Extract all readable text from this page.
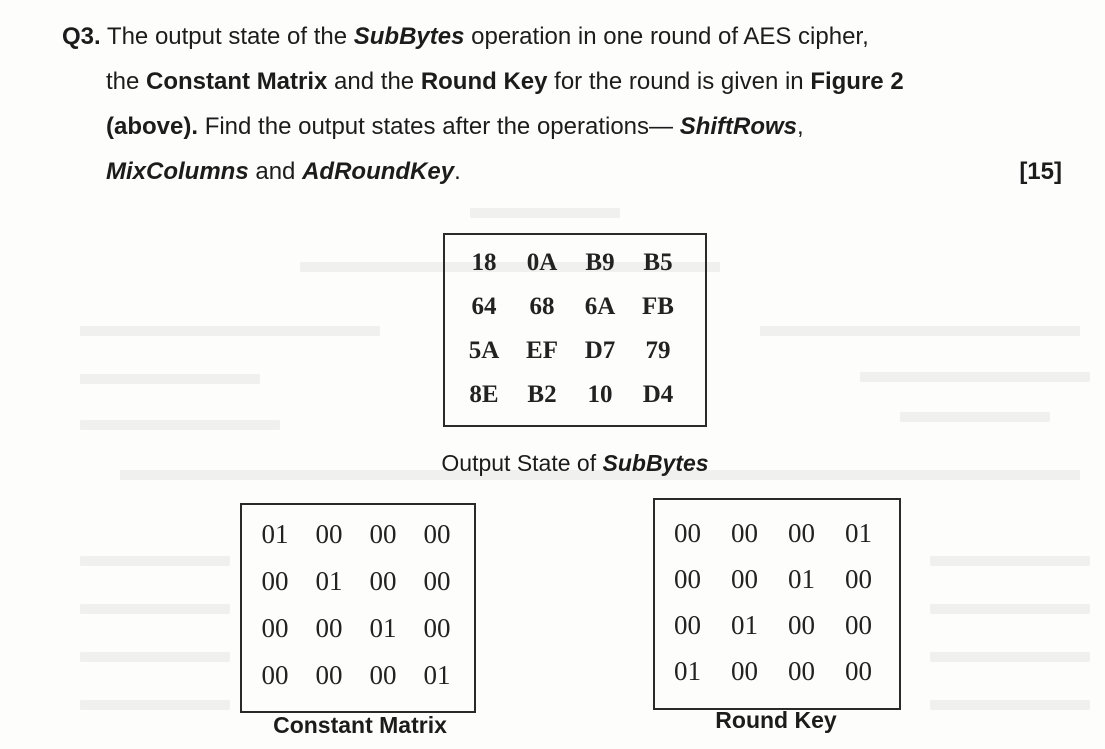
Q3. The output state of the SubBytes operation in one round of AES cipher,
the Constant Matrix and the Round Key for the round is given in Figure 2
(above). Find the output states after the operations— ShiftRows,
MixColumns and AdRoundKey.	[15]
18	0A	B9	B5
64	68	6A	FB
5A	EF	D7	79
8E	B2	10	D4
Output State of SubBytes
01	00	00	00
00	01	00	00
00	00	01	00
00	00	00	01
Constant Matrix
00	00	00	01
00	00	01	00
00	01	00	00
01	00	00	00
Round Key
